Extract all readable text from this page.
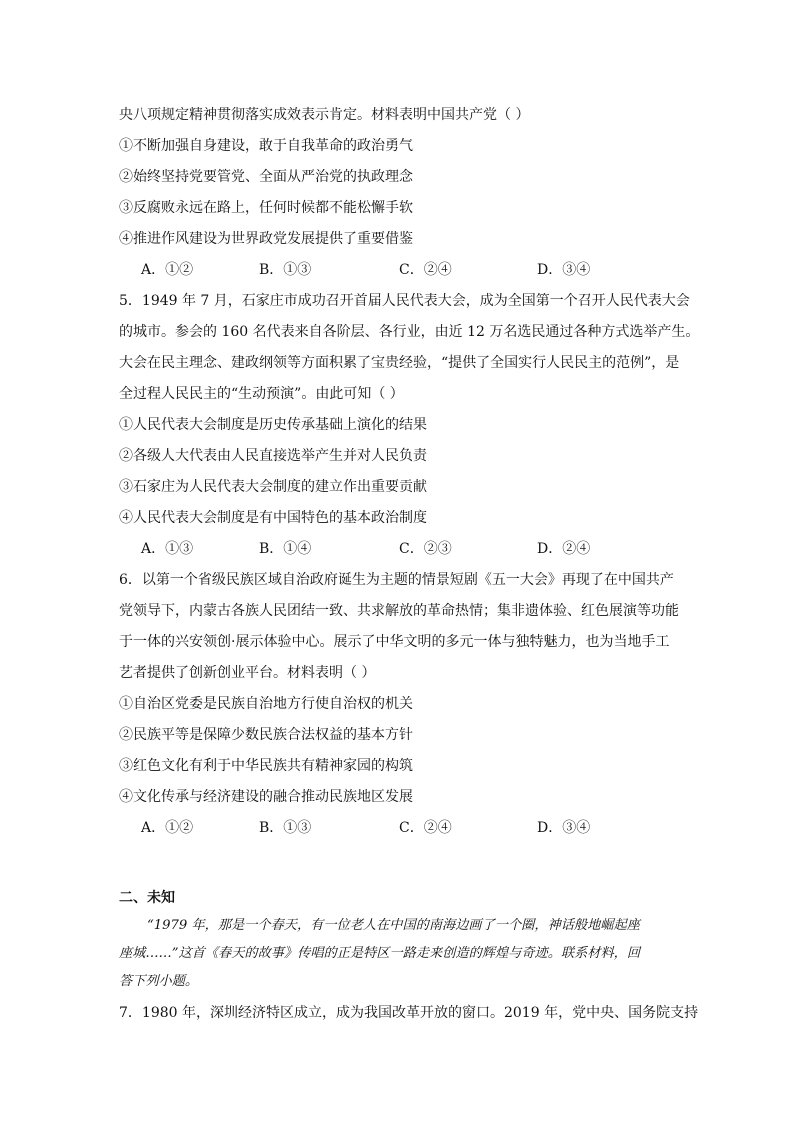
央八项规定精神贯彻落实成效表示肯定。材料表明中国共产党（ ）
①不断加强自身建设，敢于自我革命的政治勇气
②始终坚持党要管党、全面从严治党的执政理念
③反腐败永远在路上，任何时候都不能松懈手软
④推进作风建设为世界政党发展提供了重要借鉴
A．①②	B．①③	C．②④	D．③④
5．1949 年 7 月，石家庄市成功召开首届人民代表大会，成为全国第一个召开人民代表大会
的城市。参会的 160 名代表来自各阶层、各行业，由近 12 万名选民通过各种方式选举产生。
大会在民主理念、建政纲领等方面积累了宝贵经验，“提供了全国实行人民民主的范例”，是
全过程人民民主的“生动预演”。由此可知（ ）
①人民代表大会制度是历史传承基础上演化的结果
②各级人大代表由人民直接选举产生并对人民负责
③石家庄为人民代表大会制度的建立作出重要贡献
④人民代表大会制度是有中国特色的基本政治制度
A．①③	B．①④	C．②③	D．②④
6．以第一个省级民族区域自治政府诞生为主题的情景短剧《五一大会》再现了在中国共产
党领导下，内蒙古各族人民团结一致、共求解放的革命热情；集非遗体验、红色展演等功能
于一体的兴安领创·展示体验中心。展示了中华文明的多元一体与独特魅力，也为当地手工
艺者提供了创新创业平台。材料表明（ ）
①自治区党委是民族自治地方行使自治权的机关
②民族平等是保障少数民族合法权益的基本方针
③红色文化有利于中华民族共有精神家园的构筑
④文化传承与经济建设的融合推动民族地区发展
A．①②	B．①③	C．②④	D．③④
二、未知
“1979 年，那是一个春天，有一位老人在中国的南海边画了一个圈，神话般地崛起座
座城……”这首《春天的故事》传唱的正是特区一路走来创造的辉煌与奇迹。联系材料，回
答下列小题。
7．1980 年，深圳经济特区成立，成为我国改革开放的窗口。2019 年，党中央、国务院支持
